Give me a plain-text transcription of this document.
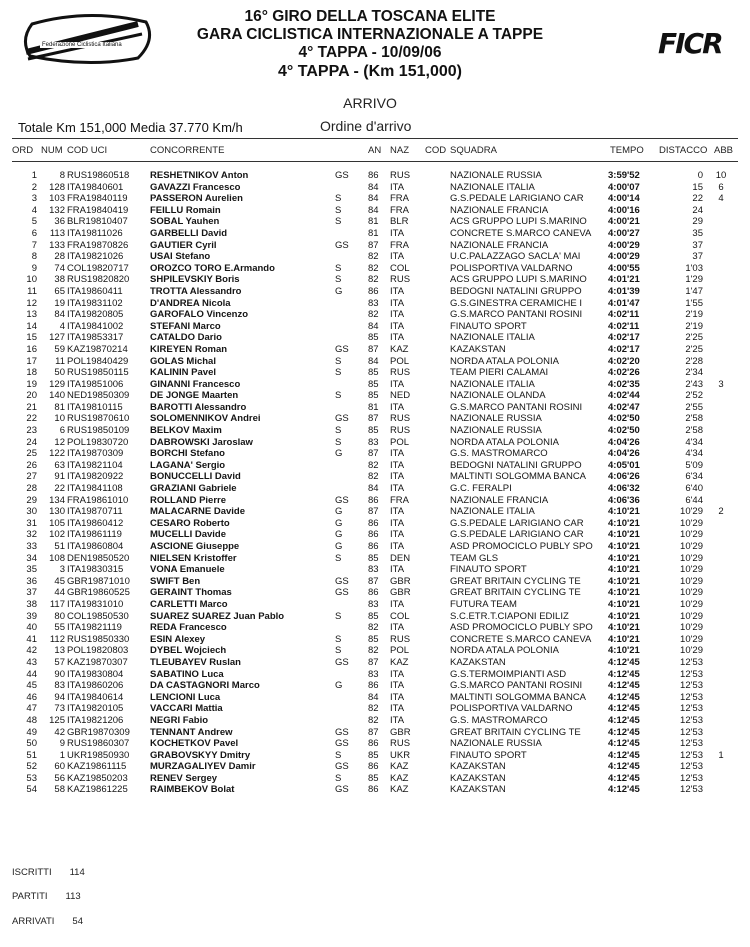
Federazione Ciclistica Italiana	FICR
16° GIRO DELLA TOSCANA ELITE
GARA CICLISTICA INTERNAZIONALE A TAPPE
4° TAPPA - 10/09/06
4° TAPPA - (Km 151,000)
ARRIVO
Totale Km 151,000 Media 37.770 Km/h	Ordine d'arrivo
ORD NUM COD UCI	CONCORRENTE	AN NAZ COD SQUADRA	TEMPO DISTACCO ABB
1	8 RUS19860518	RESHETNIKOV Anton	GS	86	RUS	NAZIONALE RUSSIA	3:59'52	0	10
2	128 ITA19840601	GAVAZZI Francesco	84	ITA	NAZIONALE ITALIA	4:00'07	15	6
3	103 FRA19840119	PASSERON Aurelien	S	84	FRA	G.S.PEDALE LARIGIANO CAR	4:00'14	22	4
4	132 FRA19840419	FEILLU Romain	S	84	FRA	NAZIONALE FRANCIA	4:00'16	24
5	36 BLR19810407	SOBAL Yauhen	S	81	BLR	ACS GRUPPO LUPI S.MARINO	4:00'21	29
6	113 ITA19811026	GARBELLI David	81	ITA	CONCRETE S.MARCO CANEVA	4:00'27	35
7	133 FRA19870826	GAUTIER Cyril	GS	87	FRA	NAZIONALE FRANCIA	4:00'29	37
8	28 ITA19821026	USAI Stefano	82	ITA	U.C.PALAZZAGO SACLA' MAI	4:00'29	37
9	74 COL19820717	OROZCO TORO E.Armando	S	82	COL	POLISPORTIVA VALDARNO	4:00'55	1'03
10	38 RUS19820820	SHPILEVSKIY Boris	S	82	RUS	ACS GRUPPO LUPI S.MARINO	4:01'21	1'29
11	65 ITA19860411	TROTTA Alessandro	G	86	ITA	BEDOGNI NATALINI GRUPPO	4:01'39	1'47
12	19 ITA19831102	D'ANDREA Nicola	83	ITA	G.S.GINESTRA CERAMICHE I	4:01'47	1'55
13	84 ITA19820805	GAROFALO Vincenzo	82	ITA	G.S.MARCO PANTANI ROSINI	4:02'11	2'19
14	4 ITA19841002	STEFANI Marco	84	ITA	FINAUTO SPORT	4:02'11	2'19
15	127 ITA19853317	CATALDO Dario	85	ITA	NAZIONALE ITALIA	4:02'17	2'25
16	59 KAZ19870214	KIREYEN Roman	GS	87	KAZ	KAZAKSTAN	4:02'17	2'25
17	11 POL19840429	GOLAS Michal	S	84	POL	NORDA ATALA POLONIA	4:02'20	2'28
18	50 RUS19850115	KALININ Pavel	S	85	RUS	TEAM PIERI CALAMAI	4:02'26	2'34
19	129 ITA19851006	GINANNI Francesco	85	ITA	NAZIONALE ITALIA	4:02'35	2'43	3
20	140 NED19850309	DE JONGE Maarten	S	85	NED	NAZIONALE OLANDA	4:02'44	2'52
21	81 ITA19810115	BAROTTI Alessandro	81	ITA	G.S.MARCO PANTANI ROSINI	4:02'47	2'55
22	10 RUS19870610	SOLOMENNIKOV Andrei	GS	87	RUS	NAZIONALE RUSSIA	4:02'50	2'58
23	6 RUS19850109	BELKOV Maxim	S	85	RUS	NAZIONALE RUSSIA	4:02'50	2'58
24	12 POL19830720	DABROWSKI Jaroslaw	S	83	POL	NORDA ATALA POLONIA	4:04'26	4'34
25	122 ITA19870309	BORCHI Stefano	G	87	ITA	G.S. MASTROMARCO	4:04'26	4'34
26	63 ITA19821104	LAGANA' Sergio	82	ITA	BEDOGNI NATALINI GRUPPO	4:05'01	5'09
27	91 ITA19820922	BONUCCELLI David	82	ITA	MALTINTI SOLGOMMA BANCA	4:06'26	6'34
28	22 ITA19841108	GRAZIANI Gabriele	84	ITA	G.C. FERALPI	4:06'32	6'40
29	134 FRA19861010	ROLLAND Pierre	GS	86	FRA	NAZIONALE FRANCIA	4:06'36	6'44
30	130 ITA19870711	MALACARNE Davide	G	87	ITA	NAZIONALE ITALIA	4:10'21	10'29	2
31	105 ITA19860412	CESARO Roberto	G	86	ITA	G.S.PEDALE LARIGIANO CAR	4:10'21	10'29
32	102 ITA19861119	MUCELLI Davide	G	86	ITA	G.S.PEDALE LARIGIANO CAR	4:10'21	10'29
33	51 ITA19860804	ASCIONE Giuseppe	G	86	ITA	ASD PROMOCICLO PUBLY SPO	4:10'21	10'29
34	108 DEN19850520	NIELSEN Kristoffer	S	85	DEN	TEAM GLS	4:10'21	10'29
35	3 ITA19830315	VONA Emanuele	83	ITA	FINAUTO SPORT	4:10'21	10'29
36	45 GBR19871010	SWIFT Ben	GS	87	GBR	GREAT BRITAIN CYCLING TE	4:10'21	10'29
37	44 GBR19860525	GERAINT Thomas	GS	86	GBR	GREAT BRITAIN CYCLING TE	4:10'21	10'29
38	117 ITA19831010	CARLETTI Marco	83	ITA	FUTURA TEAM	4:10'21	10'29
39	80 COL19850530	SUAREZ SUAREZ Juan Pablo	S	85	COL	S.C.ETR.T.CIAPONI EDILIZ	4:10'21	10'29
40	55 ITA19821119	REDA Francesco	82	ITA	ASD PROMOCICLO PUBLY SPO	4:10'21	10'29
41	112 RUS19850330	ESIN Alexey	S	85	RUS	CONCRETE S.MARCO CANEVA	4:10'21	10'29
42	13 POL19820803	DYBEL Wojciech	S	82	POL	NORDA ATALA POLONIA	4:10'21	10'29
43	57 KAZ19870307	TLEUBAYEV Ruslan	GS	87	KAZ	KAZAKSTAN	4:12'45	12'53
44	90 ITA19830804	SABATINO Luca	83	ITA	G.S.TERMOIMPIANTI ASD	4:12'45	12'53
45	83 ITA19860206	DA CASTAGNORI Marco	G	86	ITA	G.S.MARCO PANTANI ROSINI	4:12'45	12'53
46	94 ITA19840614	LENCIONI Luca	84	ITA	MALTINTI SOLGOMMA BANCA	4:12'45	12'53
47	73 ITA19820105	VACCARI Mattia	82	ITA	POLISPORTIVA VALDARNO	4:12'45	12'53
48	125 ITA19821206	NEGRI Fabio	82	ITA	G.S. MASTROMARCO	4:12'45	12'53
49	42 GBR19870309	TENNANT Andrew	GS	87	GBR	GREAT BRITAIN CYCLING TE	4:12'45	12'53
50	9 RUS19860307	KOCHETKOV Pavel	GS	86	RUS	NAZIONALE RUSSIA	4:12'45	12'53
51	1 UKR19850930	GRABOVSKYY Dmitry	S	85	UKR	FINAUTO SPORT	4:12'45	12'53	1
52	60 KAZ19861115	MURZAGALIYEV Damir	GS	86	KAZ	KAZAKSTAN	4:12'45	12'53
53	56 KAZ19850203	RENEV Sergey	S	85	KAZ	KAZAKSTAN	4:12'45	12'53
54	58 KAZ19861225	RAIMBEKOV Bolat	GS	86	KAZ	KAZAKSTAN	4:12'45	12'53
ISCRITTI 114
PARTITI 113
ARRIVATI 54
